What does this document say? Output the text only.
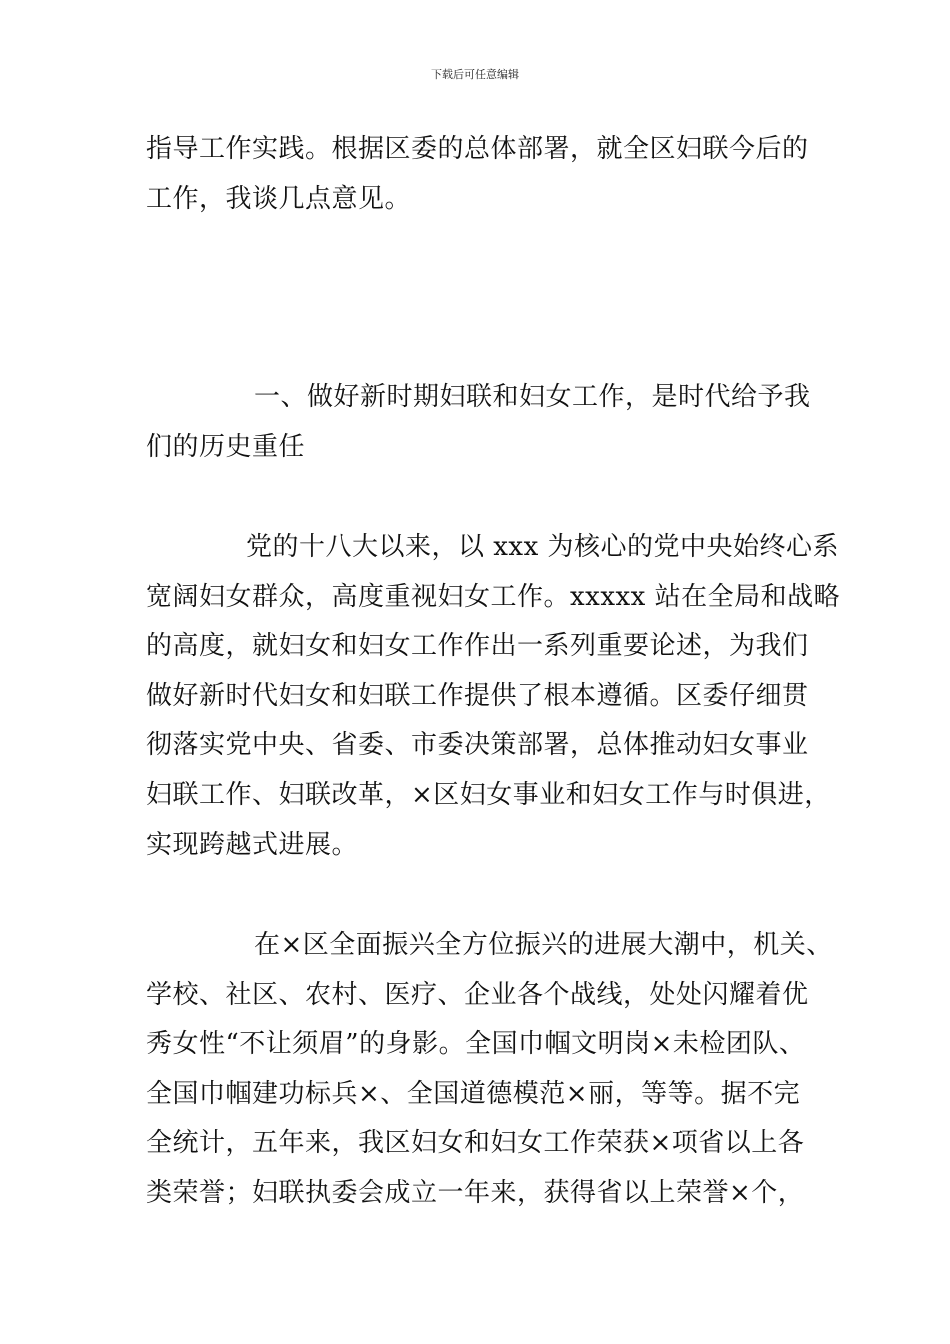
下载后可任意编辑
指导工作实践。根据区委的总体部署，就全区妇联今后的
工作，我谈几点意见。
一、做好新时期妇联和妇女工作，是时代给予我
们的历史重任
党的十八大以来，以 xxx 为核心的党中央始终心系
宽阔妇女群众，高度重视妇女工作。xxxxx 站在全局和战略
的高度，就妇女和妇女工作作出一系列重要论述，为我们
做好新时代妇女和妇联工作提供了根本遵循。区委仔细贯
彻落实党中央、省委、市委决策部署，总体推动妇女事业
妇联工作、妇联改革，×区妇女事业和妇女工作与时俱进，
实现跨越式进展。
在×区全面振兴全方位振兴的进展大潮中，机关、
学校、社区、农村、医疗、企业各个战线，处处闪耀着优
秀女性“不让须眉”的身影。全国巾帼文明岗×未检团队、
全国巾帼建功标兵×、全国道德模范×丽，等等。据不完
全统计，五年来，我区妇女和妇女工作荣获×项省以上各
类荣誉；妇联执委会成立一年来，获得省以上荣誉×个，
